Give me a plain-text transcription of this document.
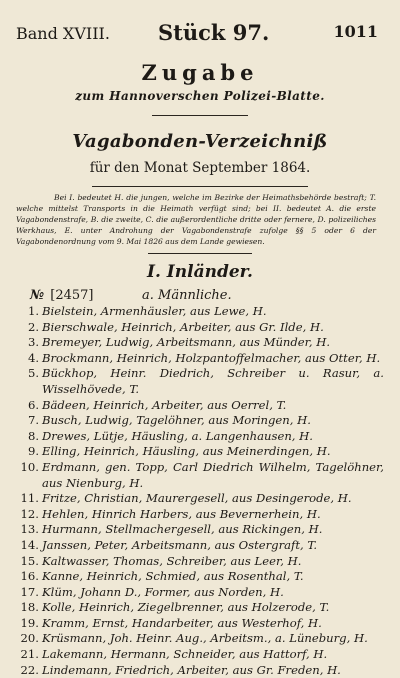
Band XVIII. Stück 97.	1011
Zugabe
zum Hannoverschen Polizei-Blatte.
Vagabonden-Verzeichniß
für den Monat September 1864.
Bei I. bedeutet H. die jungen, welche im Bezirke der Heimathsbehörde bestraft; T. welche mittelst Transports in die Heimath verfügt sind; bei II. bedeutet A. die erste Vagabondenstrafe, B. die zweite, C. die außerordentliche dritte oder fernere, D. polizeiliches Werkhaus, E. unter Androhung der Vagabondenstrafe zufolge §§ 5 oder 6 der Vagabondenordnung vom 9. Mai 1826 aus dem Lande gewiesen.
I. Inländer.
№ [2457]	a. Männliche.
1. Bielstein, Armenhäusler, aus Lewe, H.
2. Bierschwale, Heinrich, Arbeiter, aus Gr. Ilde, H.
3. Bremeyer, Ludwig, Arbeitsmann, aus Münder, H.
4. Brockmann, Heinrich, Holzpantoffelmacher, aus Otter, H.
5. Bückhop, Heinr. Diedrich, Schreiber u. Rasur, a. Wisselhövede, T.
6. Bädeen, Heinrich, Arbeiter, aus Oerrel, T.
7. Busch, Ludwig, Tagelöhner, aus Moringen, H.
8. Drewes, Lütje, Häusling, a. Langenhausen, H.
9. Elling, Heinrich, Häusling, aus Meinerdingen, H.
10. Erdmann, gen. Topp, Carl Diedrich Wilhelm, Tagelöhner, aus Nienburg, H.
11. Fritze, Christian, Maurergesell, aus Desingerode, H.
12. Hehlen, Hinrich Harbers, aus Bevernerhein, H.
13. Hurmann, Stellmachergesell, aus Rickingen, H.
14. Janssen, Peter, Arbeitsmann, aus Ostergraft, T.
15. Kaltwasser, Thomas, Schreiber, aus Leer, H.
16. Kanne, Heinrich, Schmied, aus Rosenthal, T.
17. Klüm, Johann D., Former, aus Norden, H.
18. Kolle, Heinrich, Ziegelbrenner, aus Holzerode, T.
19. Kramm, Ernst, Handarbeiter, aus Westerhof, H.
20. Krüsmann, Joh. Heinr. Aug., Arbeitsm., a. Lüneburg, H.
21. Lakemann, Hermann, Schneider, aus Hattorf, H.
22. Lindemann, Friedrich, Arbeiter, aus Gr. Freden, H.
